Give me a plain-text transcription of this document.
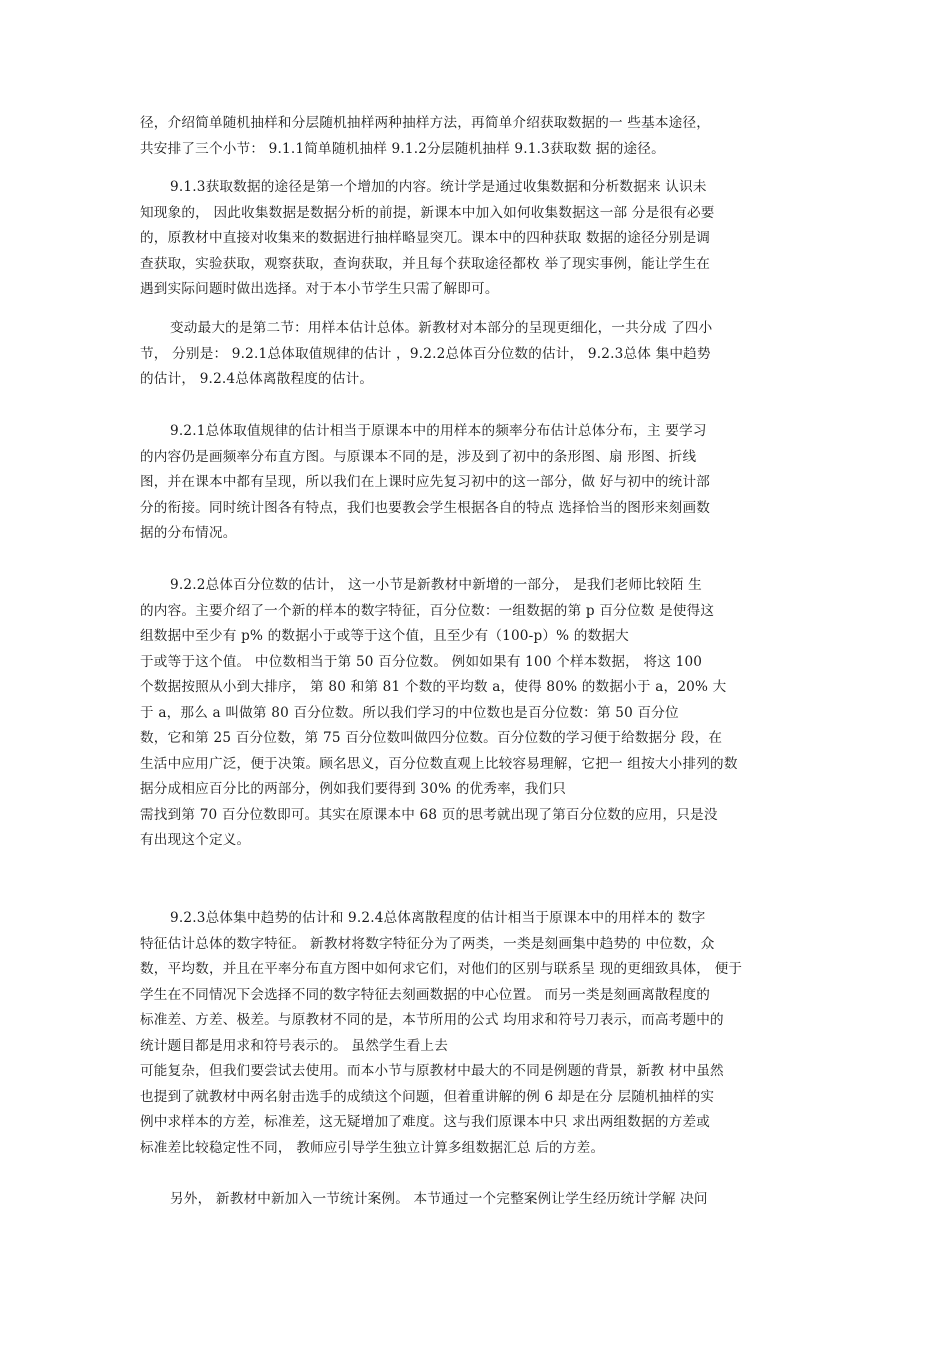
径，介绍简单随机抽样和分层随机抽样两种抽样方法，再简单介绍获取数据的一 些基本途径，
共安排了三个小节： 9.1.1简单随机抽样 9.1.2分层随机抽样 9.1.3获取数 据的途径。
9.1.3获取数据的途径是第一个增加的内容。统计学是通过收集数据和分析数据来 认识未
知现象的， 因此收集数据是数据分析的前提，新课本中加入如何收集数据这一部 分是很有必要
的，原教材中直接对收集来的数据进行抽样略显突兀。课本中的四种获取 数据的途径分别是调
查获取，实验获取，观察获取，查询获取，并且每个获取途径都枚 举了现实事例，能让学生在
遇到实际问题时做出选择。对于本小节学生只需了解即可。
变动最大的是第二节：用样本估计总体。新教材对本部分的呈现更细化，一共分成 了四小
节， 分别是： 9.2.1总体取值规律的估计 ，9.2.2总体百分位数的估计， 9.2.3总体 集中趋势
的估计， 9.2.4总体离散程度的估计。
9.2.1总体取值规律的估计相当于原课本中的用样本的频率分布估计总体分布，主 要学习
的内容仍是画频率分布直方图。与原课本不同的是，涉及到了初中的条形图、扇 形图、折线
图，并在课本中都有呈现，所以我们在上课时应先复习初中的这一部分，做 好与初中的统计部
分的衔接。同时统计图各有特点，我们也要教会学生根据各自的特点 选择恰当的图形来刻画数
据的分布情况。
9.2.2总体百分位数的估计， 这一小节是新教材中新增的一部分， 是我们老师比较陌 生
的内容。主要介绍了一个新的样本的数字特征，百分位数：一组数据的第 p 百分位数 是使得这
组数据中至少有 p% 的数据小于或等于这个值，且至少有（100-p）% 的数据大
于或等于这个值。 中位数相当于第 50 百分位数。 例如如果有 100 个样本数据， 将这 100
个数据按照从小到大排序， 第 80 和第 81 个数的平均数 a，使得 80% 的数据小于 a，20% 大
于 a，那么 a 叫做第 80 百分位数。所以我们学习的中位数也是百分位数：第 50 百分位
数，它和第 25 百分位数，第 75 百分位数叫做四分位数。百分位数的学习便于给数据分 段，在
生活中应用广泛，便于决策。顾名思义，百分位数直观上比较容易理解，它把一 组按大小排列的数
据分成相应百分比的两部分，例如我们要得到 30% 的优秀率，我们只
需找到第 70 百分位数即可。其实在原课本中 68 页的思考就出现了第百分位数的应用，只是没
有出现这个定义。
9.2.3总体集中趋势的估计和 9.2.4总体离散程度的估计相当于原课本中的用样本的 数字
特征估计总体的数字特征。 新教材将数字特征分为了两类，一类是刻画集中趋势的 中位数，众
数，平均数，并且在平率分布直方图中如何求它们，对他们的区别与联系呈 现的更细致具体， 便于
学生在不同情况下会选择不同的数字特征去刻画数据的中心位置。 而另一类是刻画离散程度的
标准差、方差、极差。与原教材不同的是，本节所用的公式 均用求和符号刀表示，而高考题中的
统计题目都是用求和符号表示的。 虽然学生看上去
可能复杂，但我们要尝试去使用。而本小节与原教材中最大的不同是例题的背景，新教 材中虽然
也提到了就教材中两名射击选手的成绩这个问题，但着重讲解的例 6 却是在分 层随机抽样的实
例中求样本的方差，标准差，这无疑增加了难度。这与我们原课本中只 求出两组数据的方差或
标准差比较稳定性不同， 教师应引导学生独立计算多组数据汇总 后的方差。
另外， 新教材中新加入一节统计案例。 本节通过一个完整案例让学生经历统计学解 决问
